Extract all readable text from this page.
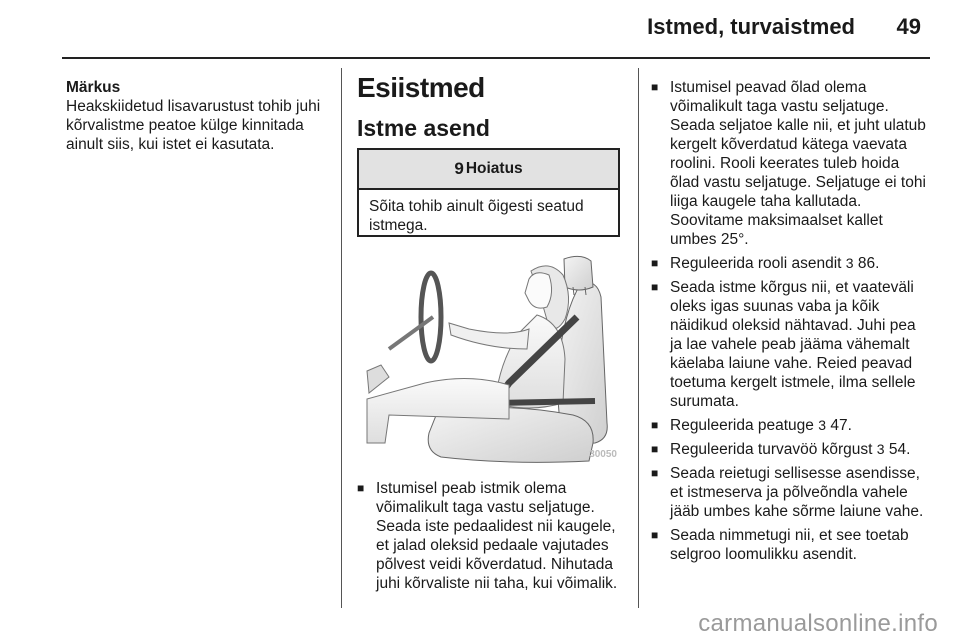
Istmed, turvaistmed 49
Märkus
Heakskiidetud lisavarustust tohib juhi kõrvalistme peatoe külge kinnitada ainult siis, kui istet ei kasutata.
Esiistmed
Istme asend
9 Hoiatus
Sõita tohib ainult õigesti seatud istmega.
30050
■ Istumisel peab istmik olema võimalikult taga vastu seljatuge. Seada iste pedaalidest nii kaugele, et jalad oleksid pedaale vajutades põlvest veidi kõverdatud. Nihutada juhi kõrvaliste nii taha, kui võimalik.
■ Istumisel peavad õlad olema võimalikult taga vastu seljatuge. Seada seljatoe kalle nii, et juht ulatub kergelt kõverdatud kätega vaevata roolini. Rooli keerates tuleb hoida õlad vastu seljatuge. Seljatuge ei tohi liiga kaugele taha kallutada. Soovitame maksimaalset kallet umbes 25°.
■ Reguleerida rooli asendit 3 86.
■ Seada istme kõrgus nii, et vaateväli oleks igas suunas vaba ja kõik näidikud oleksid nähtavad. Juhi pea ja lae vahele peab jääma vähemalt käelaba laiune vahe. Reied peavad toetuma kergelt istmele, ilma sellele surumata.
■ Reguleerida peatuge 3 47.
■ Reguleerida turvavöö kõrgust 3 54.
■ Seada reietugi sellisesse asendisse, et istmeserva ja põlveõndla vahele jääb umbes kahe sõrme laiune vahe.
■ Seada nimmetugi nii, et see toetab selgroo loomulikku asendit.
carmanualsonline.info
